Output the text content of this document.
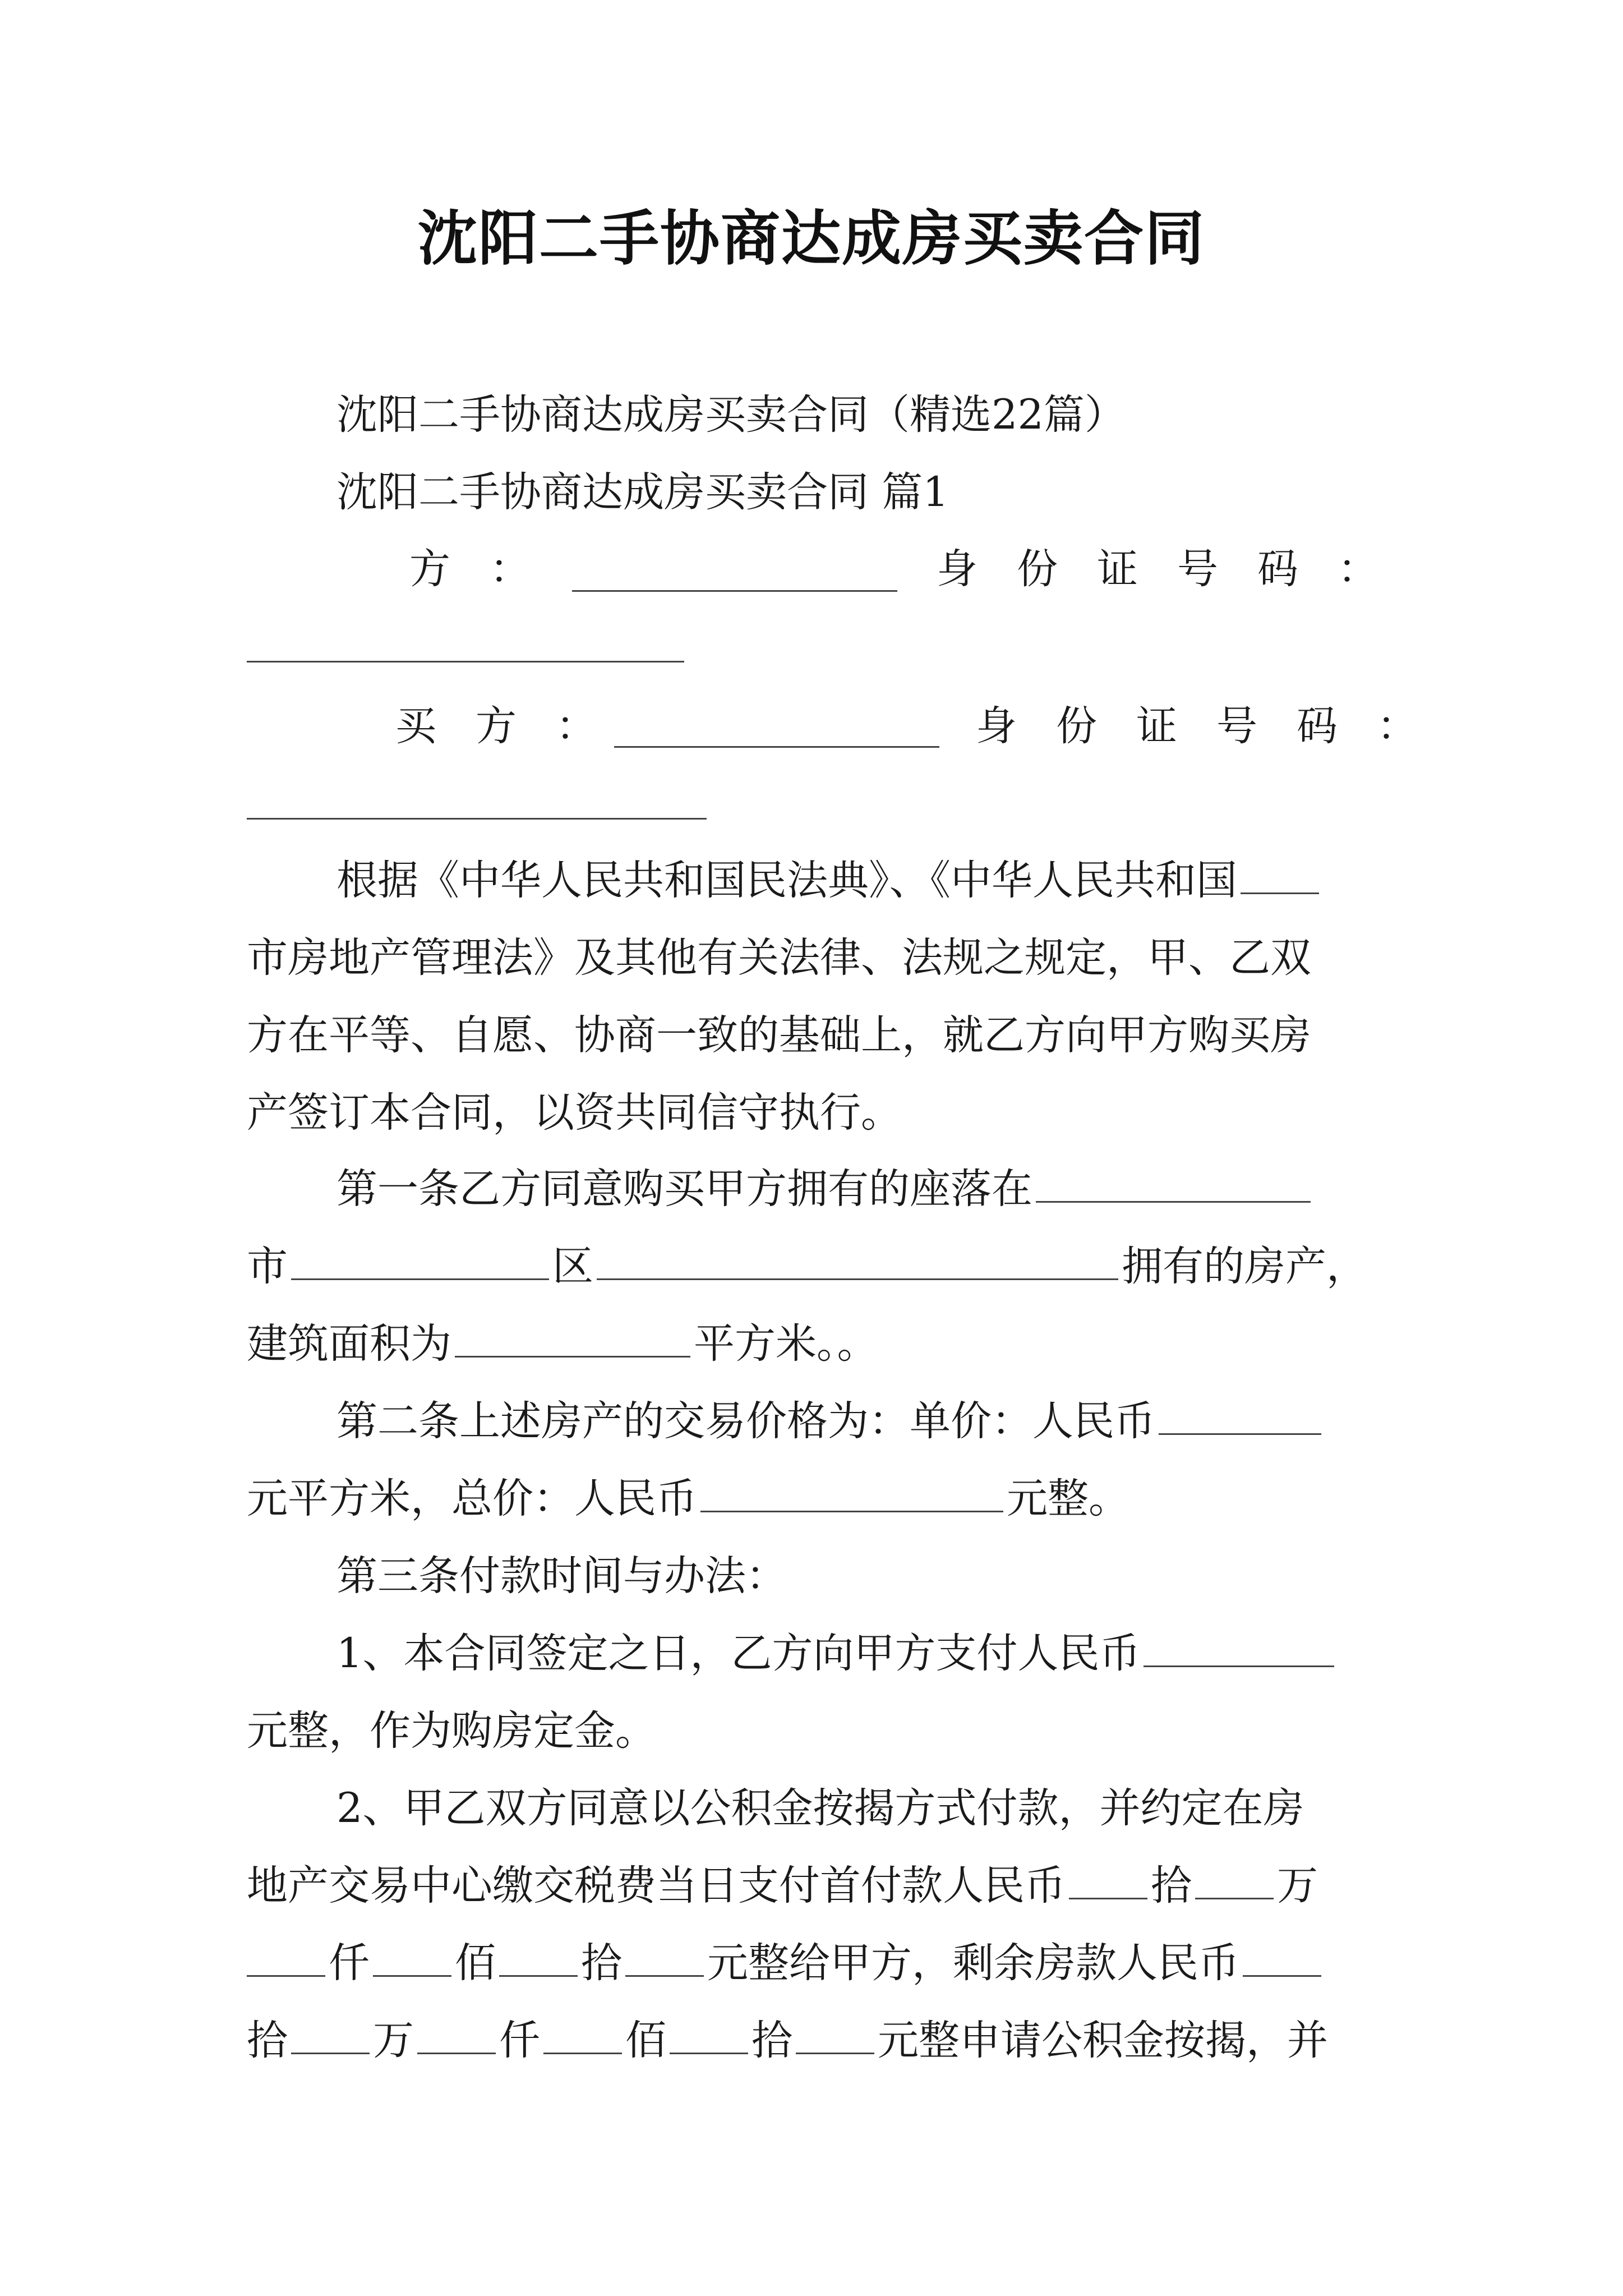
沈阳二手协商达成房买卖合同
沈阳二手协商达成房买卖合同（精选22篇）
沈阳二手协商达成房买卖合同 篇1
方：	身份证号码：
买方：	身份证号码：
根据《中华人民共和国民法典》、《中华人民共和国
市房地产管理法》及其他有关法律、法规之规定，甲、乙双
方在平等、自愿、协商一致的基础上，就乙方向甲方购买房
产签订本合同，以资共同信守执行。
第一条乙方同意购买甲方拥有的座落在
市	区	拥有的房产，
建筑面积为	平方米。。
第二条上述房产的交易价格为：单价：人民币
元平方米，总价：人民币	元整。
第三条付款时间与办法：
1、本合同签定之日，乙方向甲方支付人民币
元整，作为购房定金。
2、甲乙双方同意以公积金按揭方式付款，并约定在房
地产交易中心缴交税费当日支付首付款人民币 拾 万
仟 佰 拾 元整给甲方，剩余房款人民币
拾 万 仟 佰 拾 元整申请公积金按揭，并
